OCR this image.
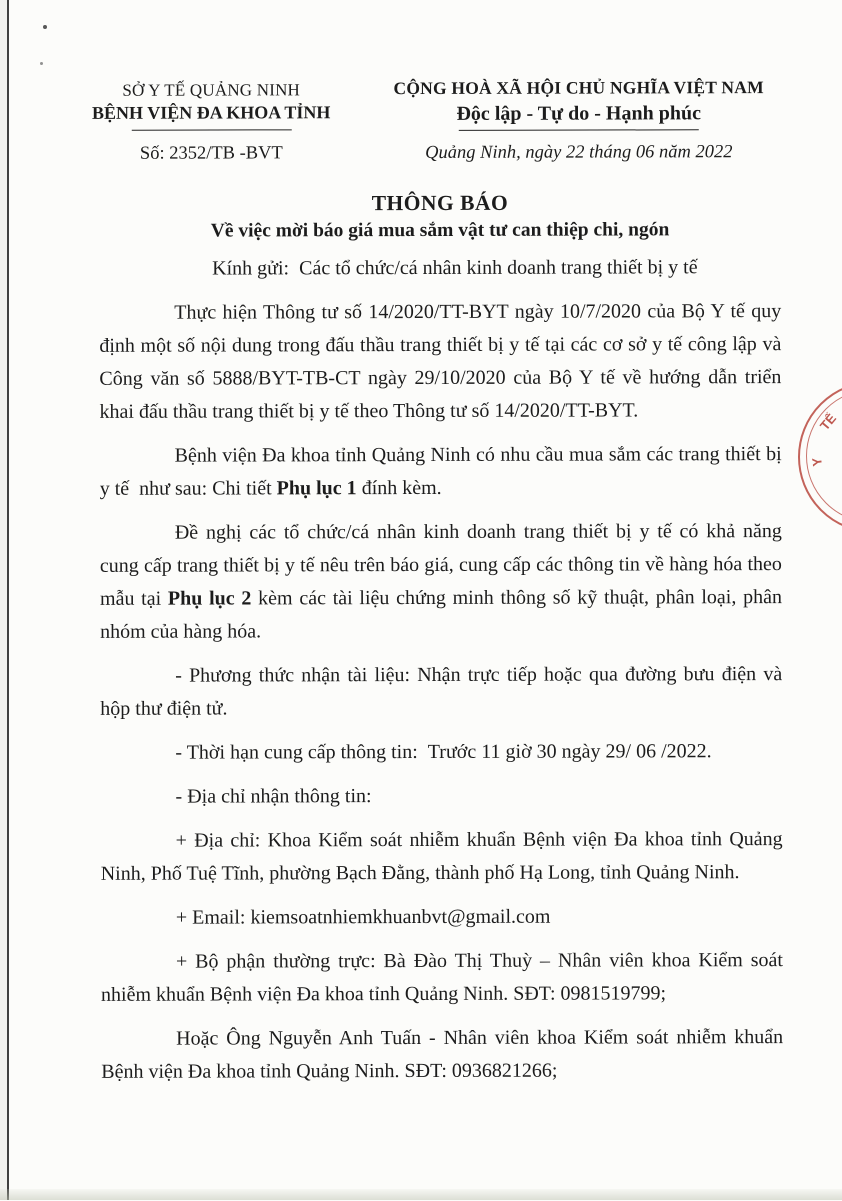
TẾ
Y
SỞ Y TẾ QUẢNG NINH
BỆNH VIỆN ĐA KHOA TỈNH
Số: 2352/TB -BVT
CỘNG HOÀ XÃ HỘI CHỦ NGHĨA VIỆT NAM
Độc lập - Tự do - Hạnh phúc
Quảng Ninh, ngày 22 tháng 06 năm 2022
THÔNG BÁO
Về việc mời báo giá mua sắm vật tư can thiệp chi, ngón

Kính gửi:  Các tổ chức/cá nhân kinh doanh trang thiết bị y tế

Thực hiện Thông tư số 14/2020/TT-BYT ngày 10/7/2020 của Bộ Y tế quy định một số nội dung trong đấu thầu trang thiết bị y tế tại các cơ sở y tế công lập và Công văn số 5888/BYT-TB-CT ngày 29/10/2020 của Bộ Y tế về hướng dẫn triển khai đấu thầu trang thiết bị y tế theo Thông tư số 14/2020/TT-BYT.

Bệnh viện Đa khoa tỉnh Quảng Ninh có nhu cầu mua sắm các trang thiết bị y tế  như sau: Chi tiết Phụ lục 1 đính kèm.

Đề nghị các tổ chức/cá nhân kinh doanh trang thiết bị y tế có khả năng cung cấp trang thiết bị y tế nêu trên báo giá, cung cấp các thông tin về hàng hóa theo mẫu tại Phụ lục 2 kèm các tài liệu chứng minh thông số kỹ thuật, phân loại, phân nhóm của hàng hóa.

- Phương thức nhận tài liệu: Nhận trực tiếp hoặc qua đường bưu điện và hộp thư điện tử.

- Thời hạn cung cấp thông tin:  Trước 11 giờ 30 ngày 29/ 06 /2022.

- Địa chỉ nhận thông tin:

+ Địa chỉ: Khoa Kiểm soát nhiễm khuẩn Bệnh viện Đa khoa tỉnh Quảng Ninh, Phố Tuệ Tĩnh, phường Bạch Đằng, thành phố Hạ Long, tỉnh Quảng Ninh.

+ Email: kiemsoatnhiemkhuanbvt@gmail.com

+ Bộ phận thường trực: Bà Đào Thị Thuỳ – Nhân viên khoa Kiểm soát nhiễm khuẩn Bệnh viện Đa khoa tỉnh Quảng Ninh. SĐT: 0981519799;

Hoặc Ông Nguyễn Anh Tuấn - Nhân viên khoa Kiểm soát nhiễm khuẩn Bệnh viện Đa khoa tỉnh Quảng Ninh. SĐT: 0936821266;
